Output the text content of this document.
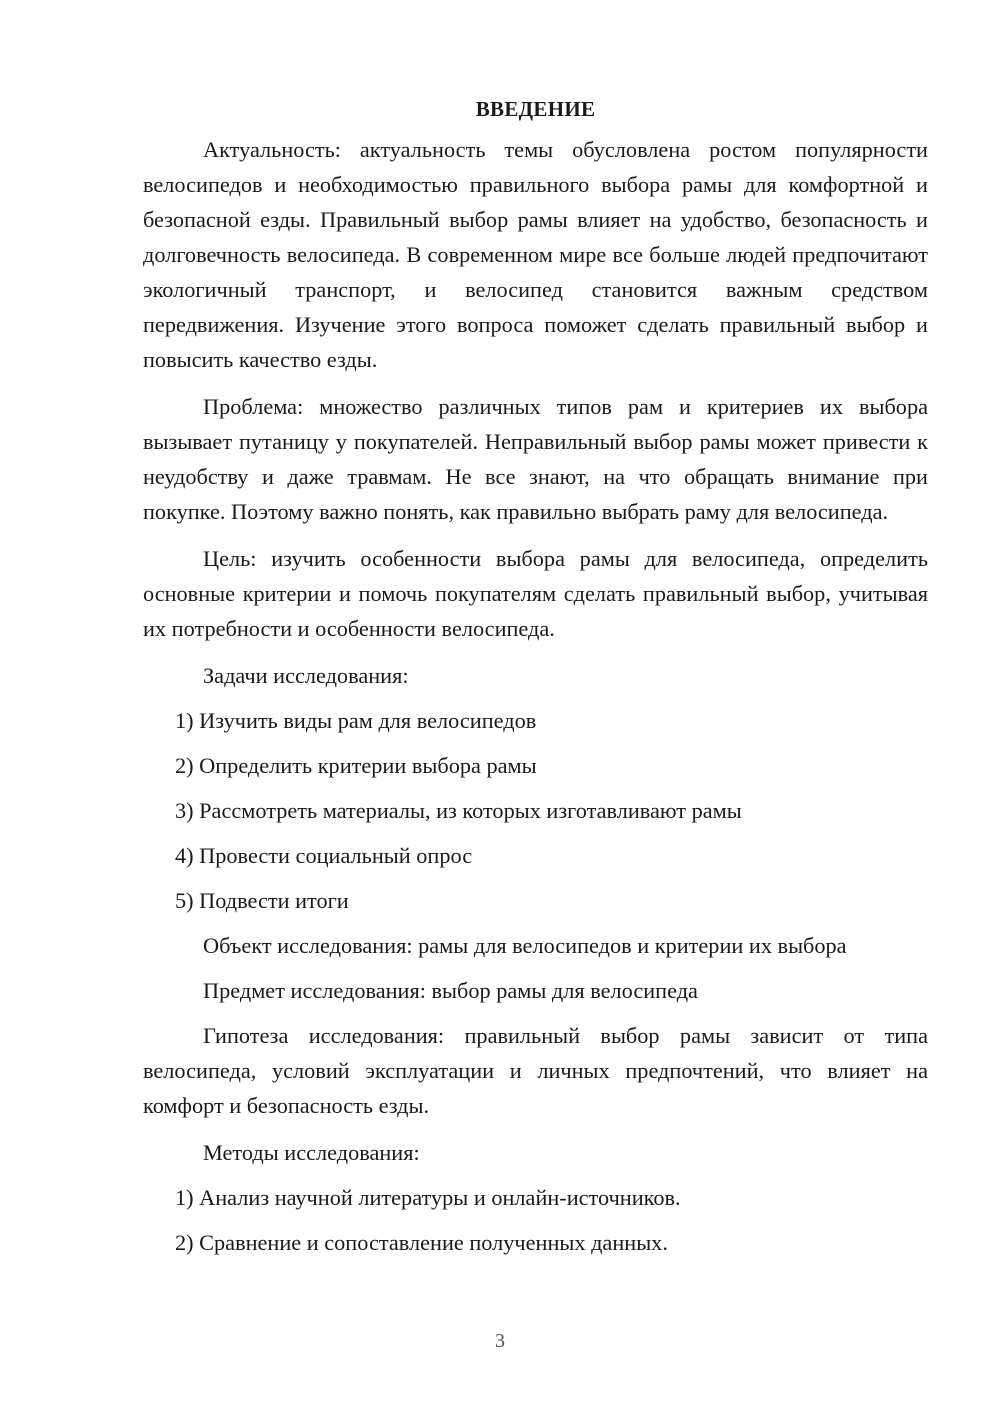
ВВЕДЕНИЕ

Актуальность: актуальность темы обусловлена ростом популярности велосипедов и необходимостью правильного выбора рамы для комфортной и безопасной езды. Правильный выбор рамы влияет на удобство, безопасность и долговечность велосипеда. В современном мире все больше людей предпочитают экологичный транспорт, и велосипед становится важным средством передвижения. Изучение этого вопроса поможет сделать правильный выбор и повысить качество езды.

Проблема: множество различных типов рам и критериев их выбора вызывает путаницу у покупателей. Неправильный выбор рамы может привести к неудобству и даже травмам. Не все знают, на что обращать внимание при покупке. Поэтому важно понять, как правильно выбрать раму для велосипеда.

Цель: изучить особенности выбора рамы для велосипеда, определить основные критерии и помочь покупателям сделать правильный выбор, учитывая их потребности и особенности велосипеда.

Задачи исследования:

1) Изучить виды рам для велосипедов
2) Определить критерии выбора рамы
3) Рассмотреть материалы, из которых изготавливают рамы
4) Провести социальный опрос
5) Подвести итоги

Объект исследования: рамы для велосипедов и критерии их выбора

Предмет исследования: выбор рамы для велосипеда

Гипотеза исследования: правильный выбор рамы зависит от типа велосипеда, условий эксплуатации и личных предпочтений, что влияет на комфорт и безопасность езды.

Методы исследования:

1) Анализ научной литературы и онлайн-источников.
2) Сравнение и сопоставление полученных данных.
3
